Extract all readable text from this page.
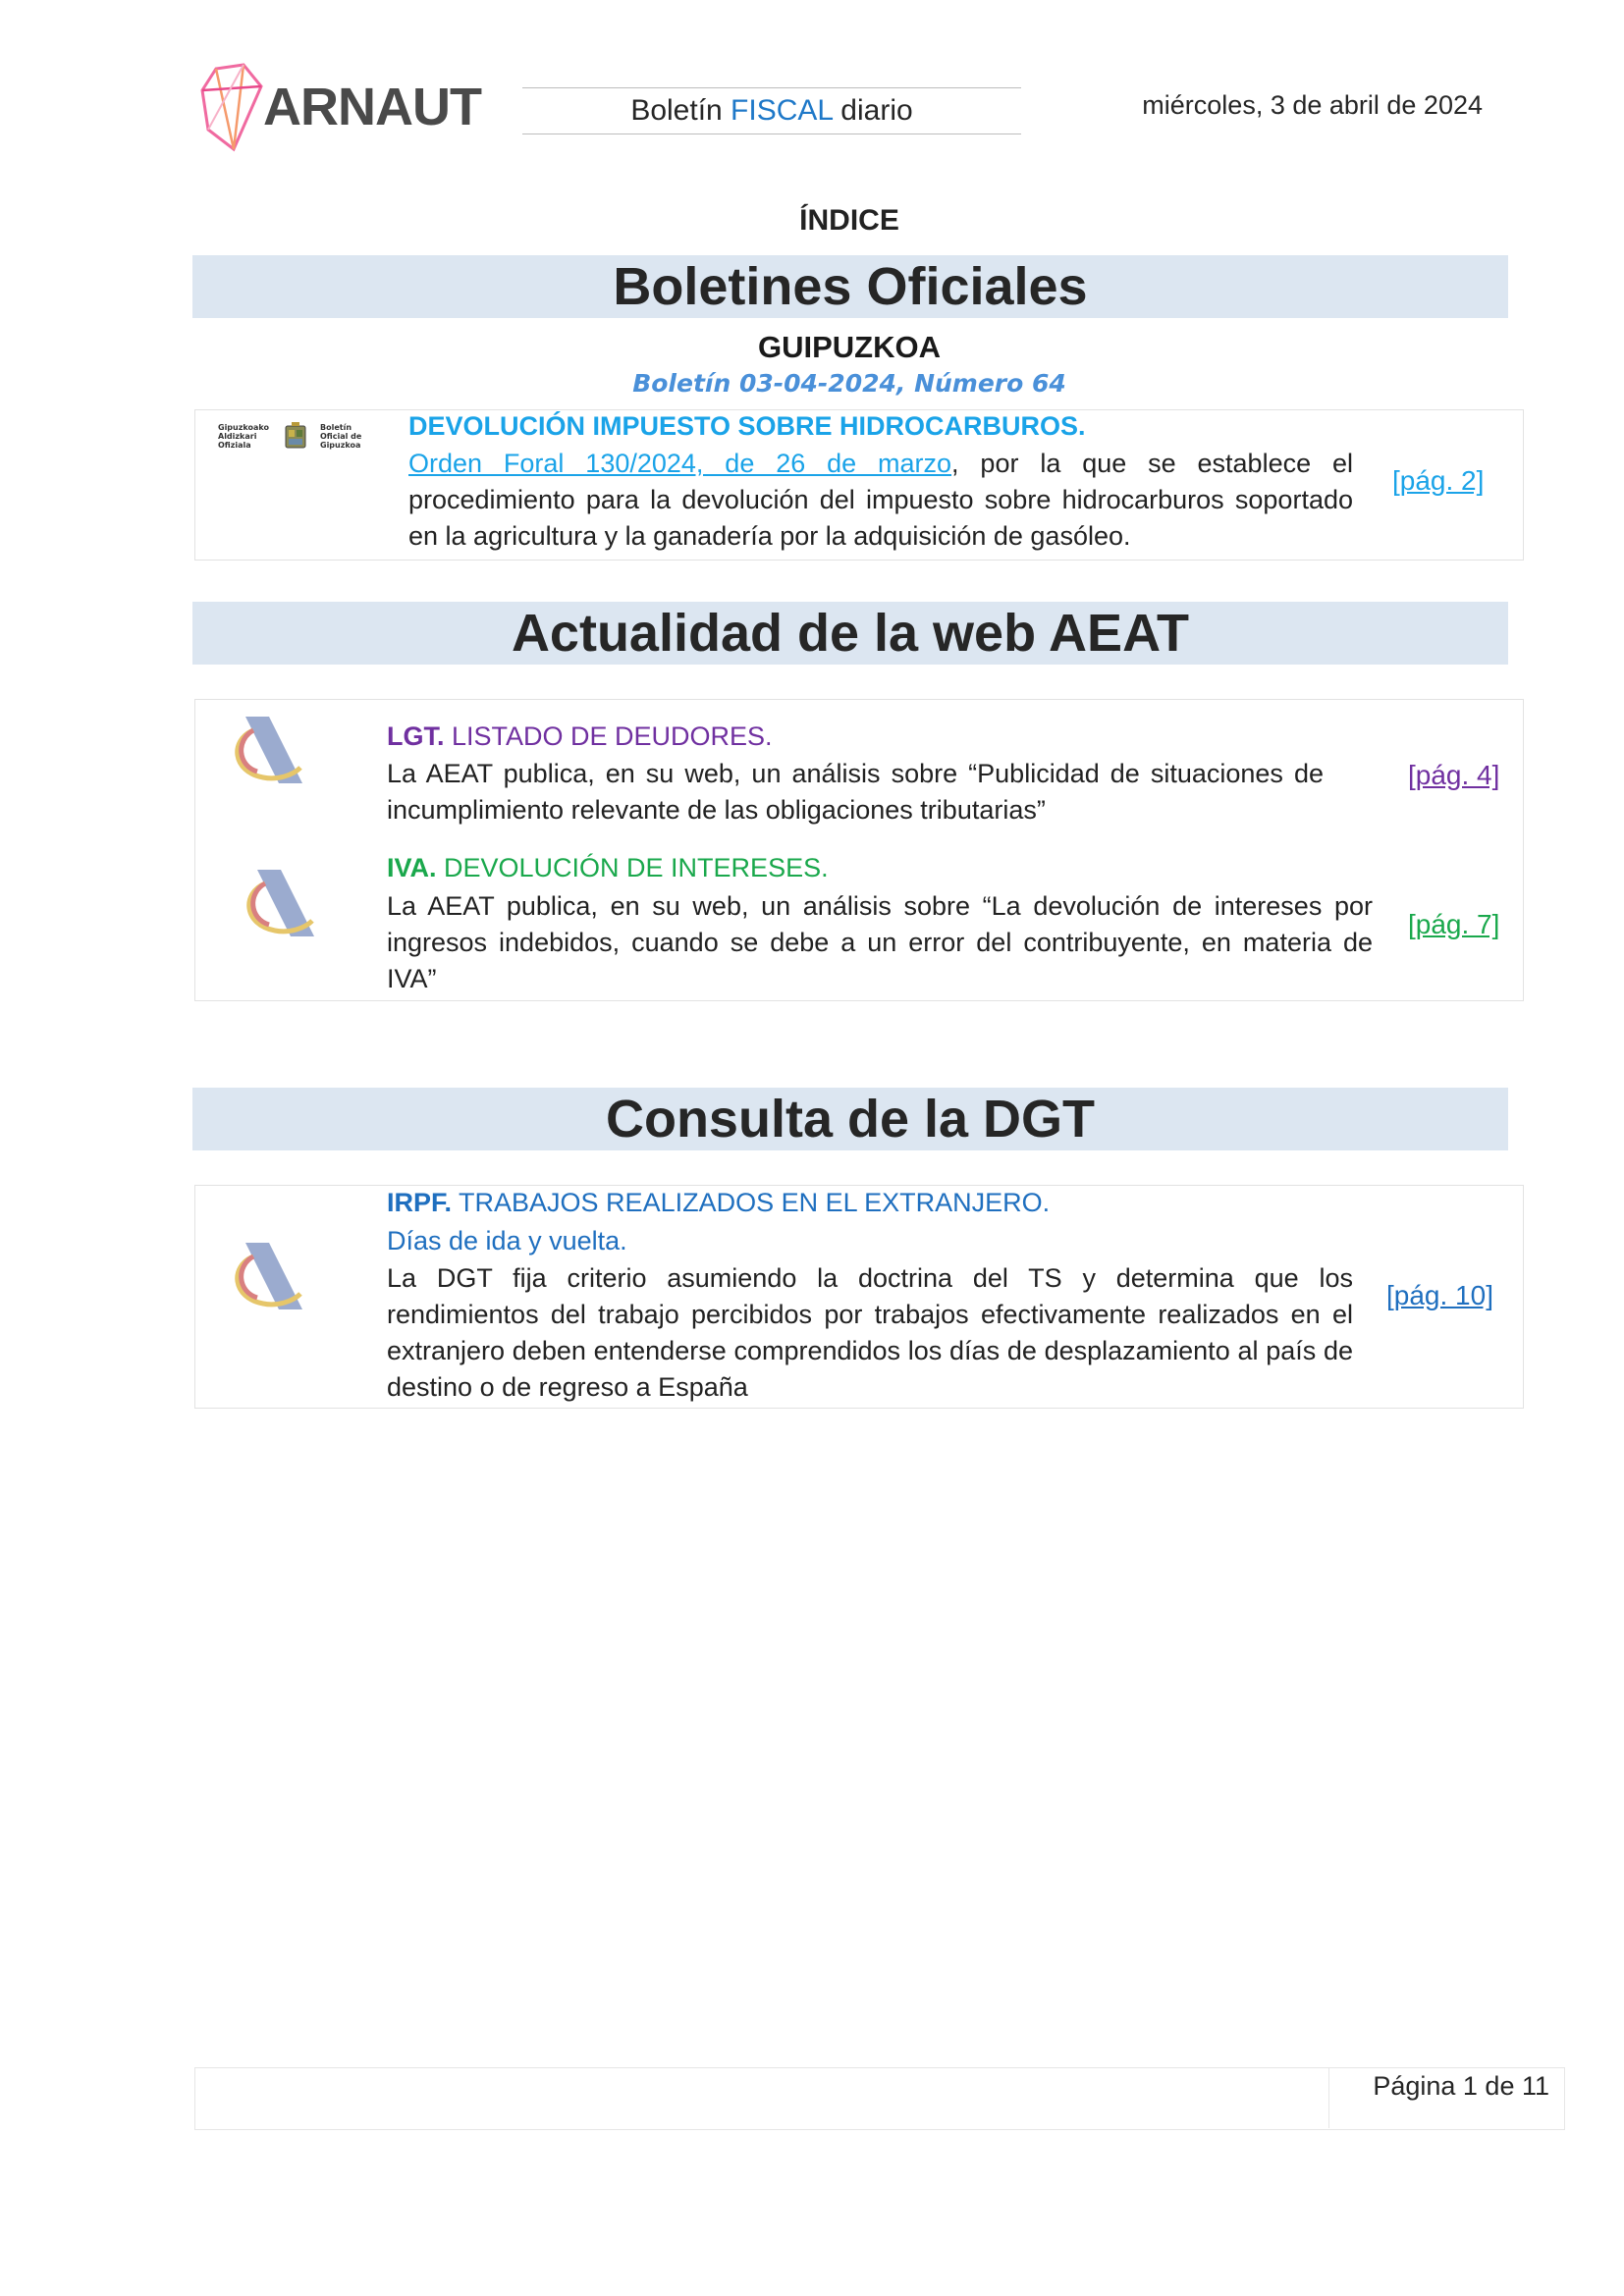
ARNAUT	Boletín FISCAL diario	miércoles, 3 de abril de 2024
ÍNDICE
Boletines Oficiales
GUIPUZKOA
Boletín 03-04-2024, Número 64
Gipuzkoako Aldizkari Ofiziala
Boletín Oficial de Gipuzkoa
DEVOLUCIÓN IMPUESTO SOBRE HIDROCARBUROS.
Orden Foral 130/2024, de 26 de marzo, por la que se establece el procedimiento para la devolución del impuesto sobre hidrocarburos soportado en la agricultura y la ganadería por la adquisición de gasóleo.
[pág. 2]
Actualidad de la web AEAT
LGT. LISTADO DE DEUDORES.
La AEAT publica, en su web, un análisis sobre “Publicidad de situaciones de incumplimiento relevante de las obligaciones tributarias”
[pág. 4]
IVA. DEVOLUCIÓN DE INTERESES.
La AEAT publica, en su web, un análisis sobre “La devolución de intereses por ingresos indebidos, cuando se debe a un error del contribuyente, en materia de IVA”
[pág. 7]
Consulta de la DGT
IRPF. TRABAJOS REALIZADOS EN EL EXTRANJERO.
Días de ida y vuelta.
La DGT fija criterio asumiendo la doctrina del TS y determina que los rendimientos del trabajo percibidos por trabajos efectivamente realizados en el extranjero deben entenderse comprendidos los días de desplazamiento al país de destino o de regreso a España
[pág. 10]
Página 1 de 11
